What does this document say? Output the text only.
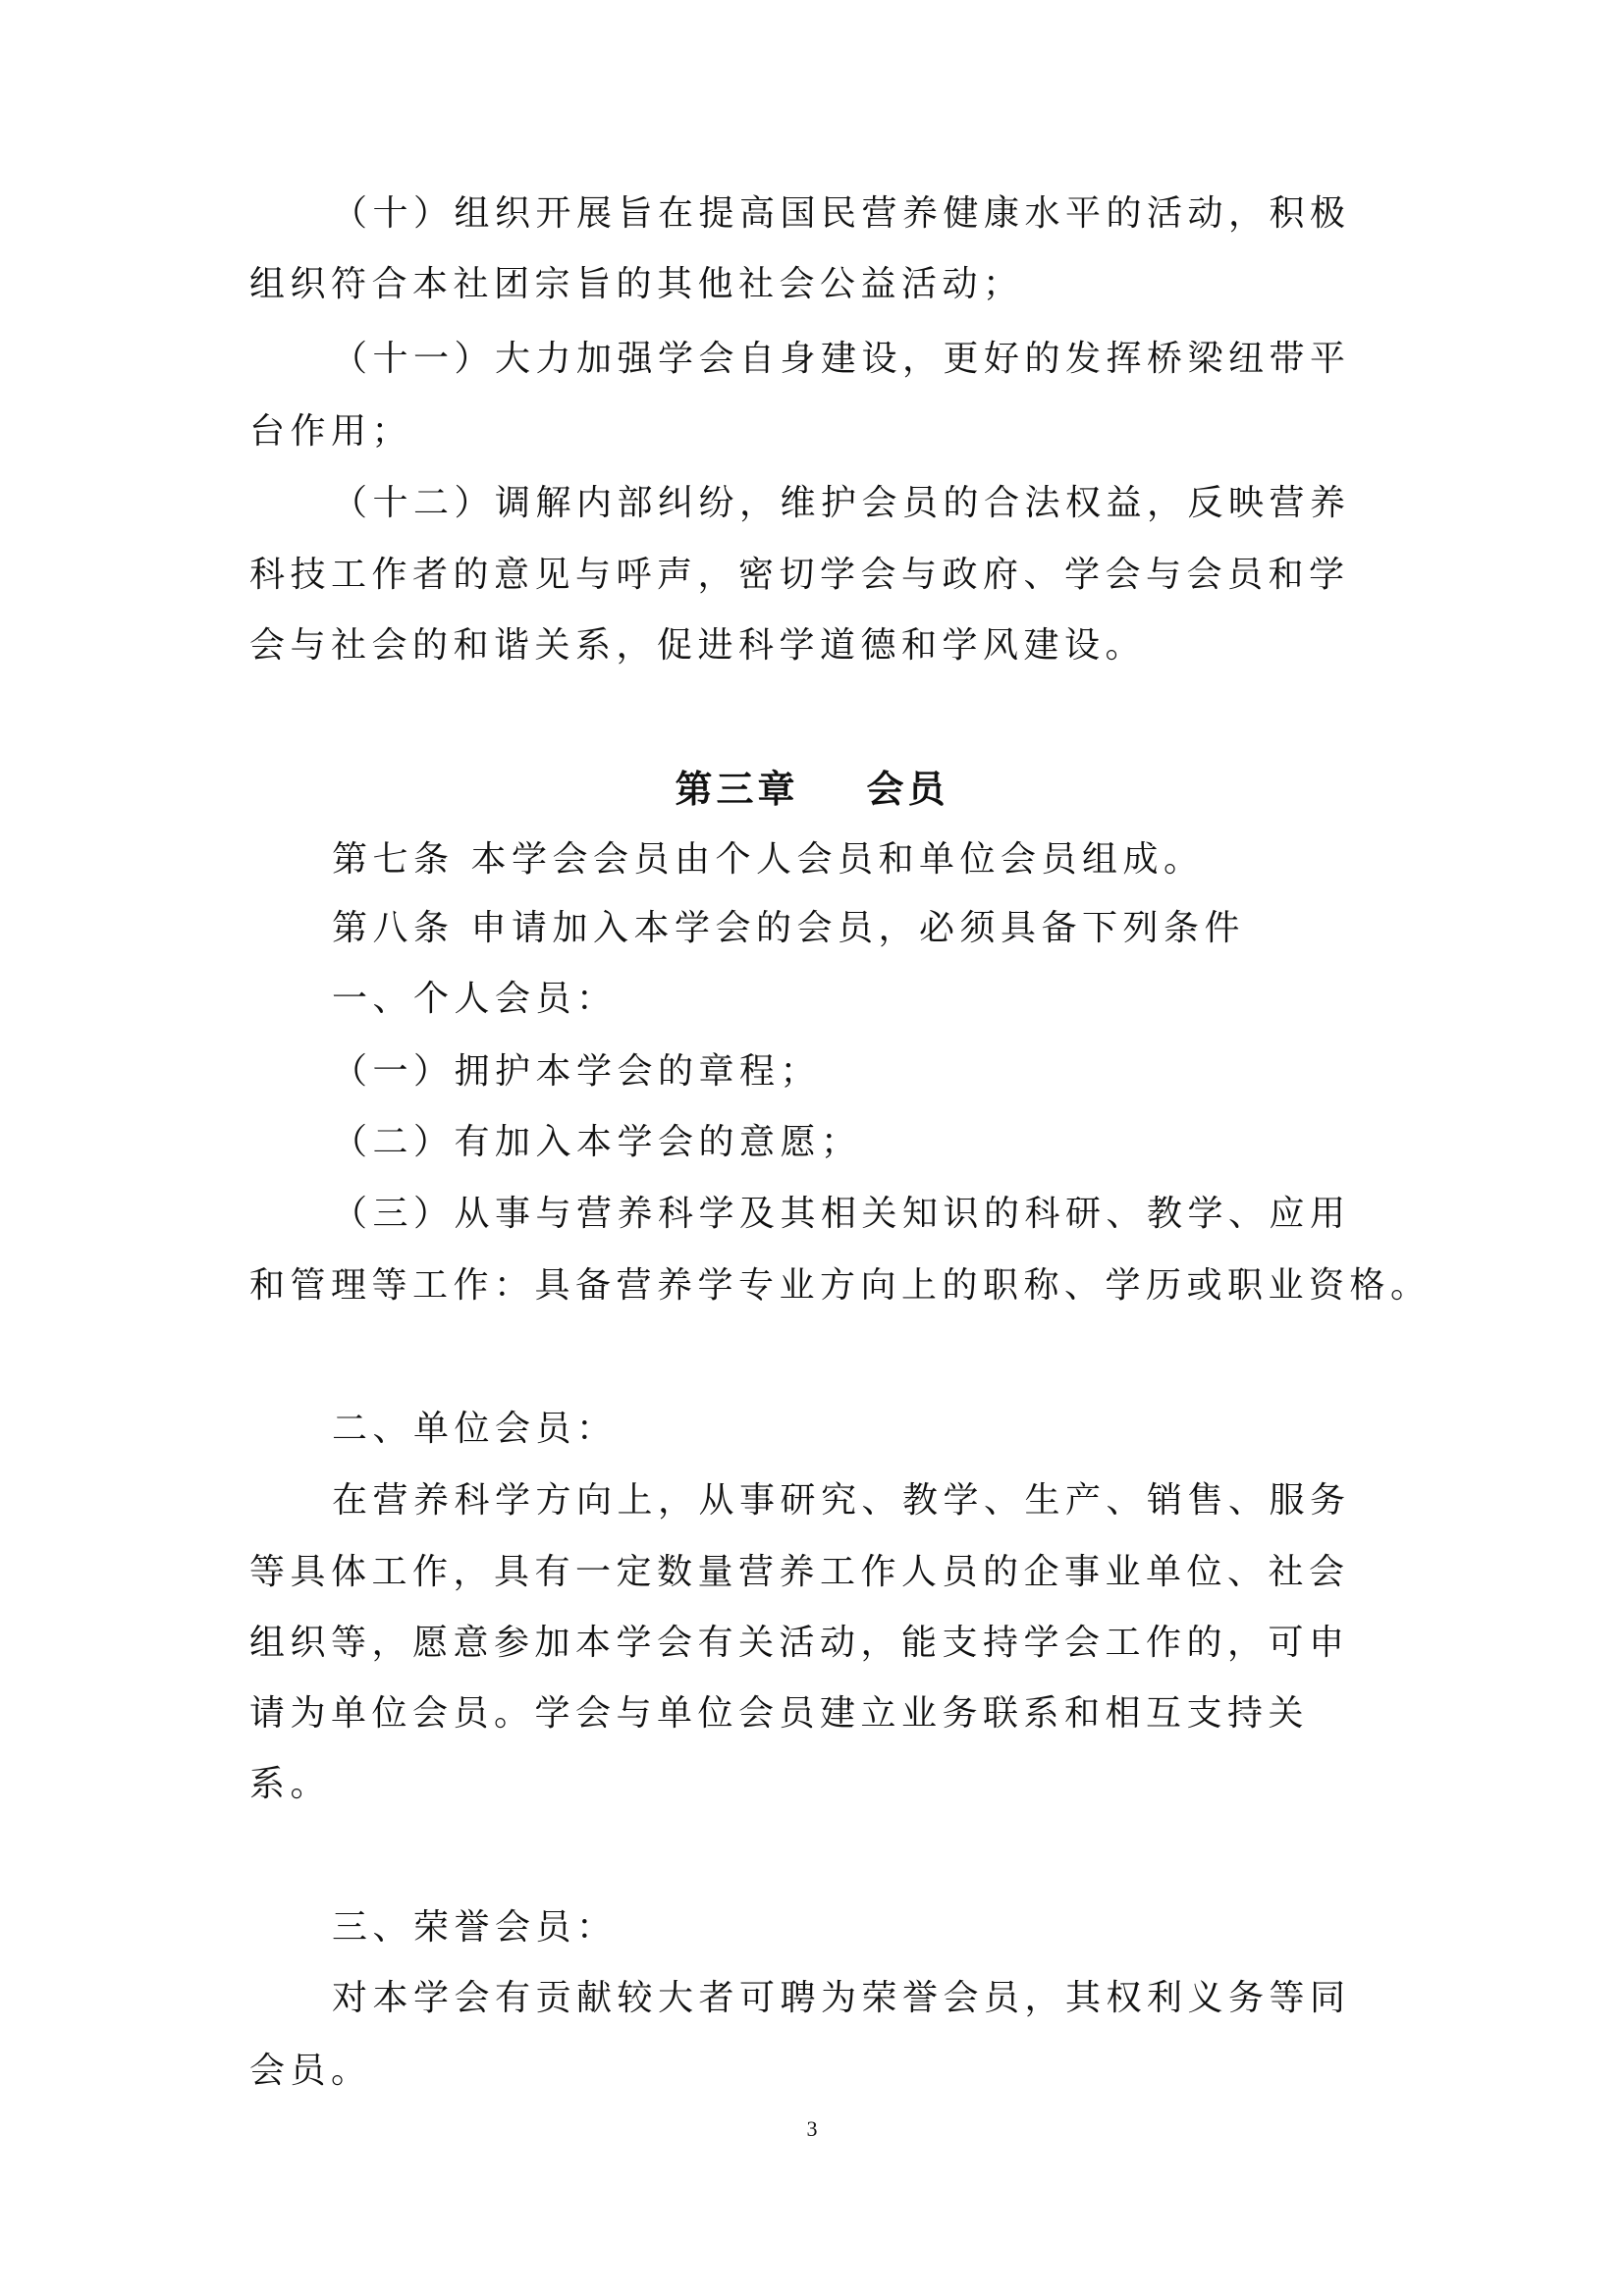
（十）组织开展旨在提高国民营养健康水平的活动，积极
组织符合本社团宗旨的其他社会公益活动；
（十一）大力加强学会自身建设，更好的发挥桥梁纽带平
台作用；
（十二）调解内部纠纷，维护会员的合法权益，反映营养
科技工作者的意见与呼声，密切学会与政府、学会与会员和学
会与社会的和谐关系，促进科学道德和学风建设。
第三章    会员
第七条 本学会会员由个人会员和单位会员组成。
第八条 申请加入本学会的会员，必须具备下列条件
一、个人会员：
（一）拥护本学会的章程；
（二）有加入本学会的意愿；
（三）从事与营养科学及其相关知识的科研、教学、应用
和管理等工作：具备营养学专业方向上的职称、学历或职业资格。
二、单位会员：
在营养科学方向上，从事研究、教学、生产、销售、服务
等具体工作，具有一定数量营养工作人员的企事业单位、社会
组织等，愿意参加本学会有关活动，能支持学会工作的，可申
请为单位会员。学会与单位会员建立业务联系和相互支持关
系。
三、荣誉会员：
对本学会有贡献较大者可聘为荣誉会员，其权利义务等同
会员。
3
